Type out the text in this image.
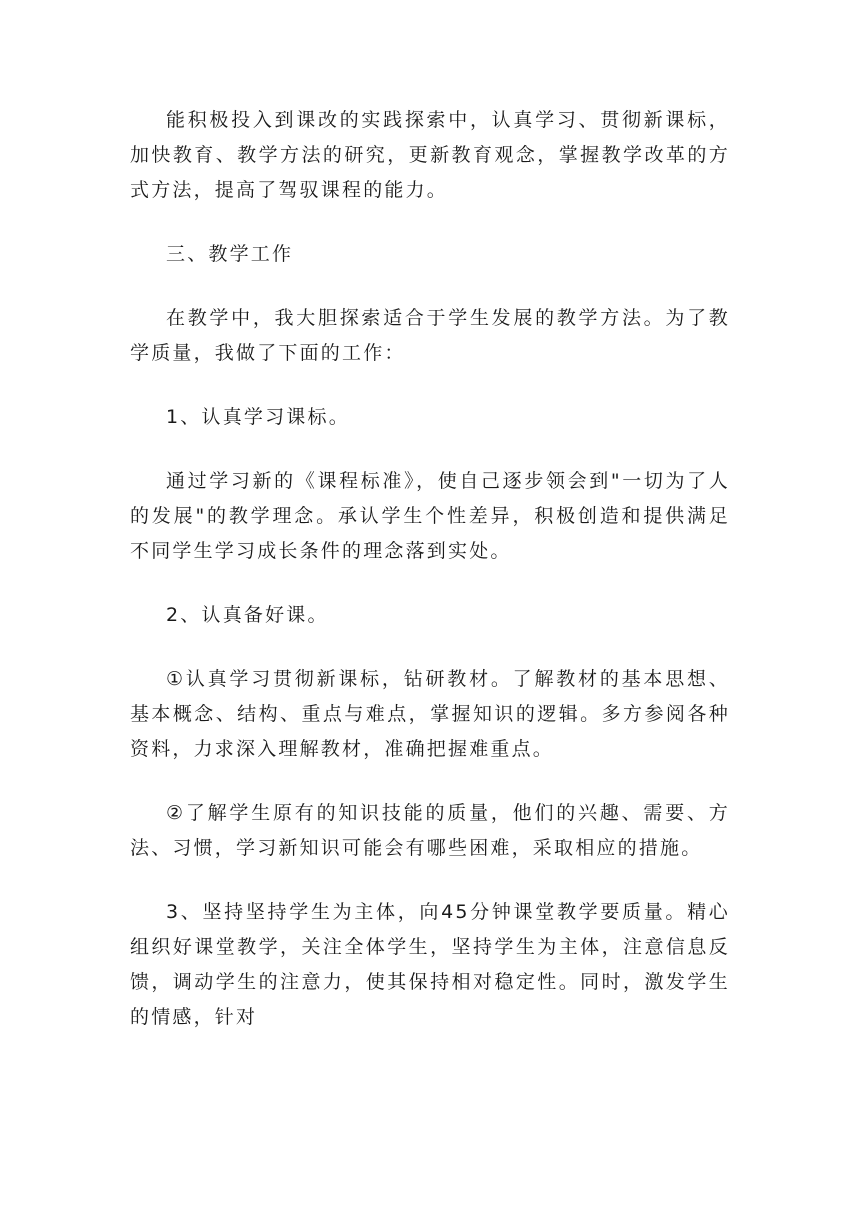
能积极投入到课改的实践探索中，认真学习、贯彻新课标，加快教育、教学方法的研究，更新教育观念，掌握教学改革的方式方法，提高了驾驭课程的能力。

三、教学工作

在教学中，我大胆探索适合于学生发展的教学方法。为了教学质量，我做了下面的工作：

1、认真学习课标。

通过学习新的《课程标准》，使自己逐步领会到"一切为了人的发展"的教学理念。承认学生个性差异，积极创造和提供满足不同学生学习成长条件的理念落到实处。

2、认真备好课。

①认真学习贯彻新课标，钻研教材。了解教材的基本思想、基本概念、结构、重点与难点，掌握知识的逻辑。多方参阅各种资料，力求深入理解教材，准确把握难重点。

②了解学生原有的知识技能的质量，他们的兴趣、需要、方法、习惯，学习新知识可能会有哪些困难，采取相应的措施。

3、坚持坚持学生为主体，向45分钟课堂教学要质量。精心组织好课堂教学，关注全体学生，坚持学生为主体，注意信息反馈，调动学生的注意力，使其保持相对稳定性。同时，激发学生的情感，针对
